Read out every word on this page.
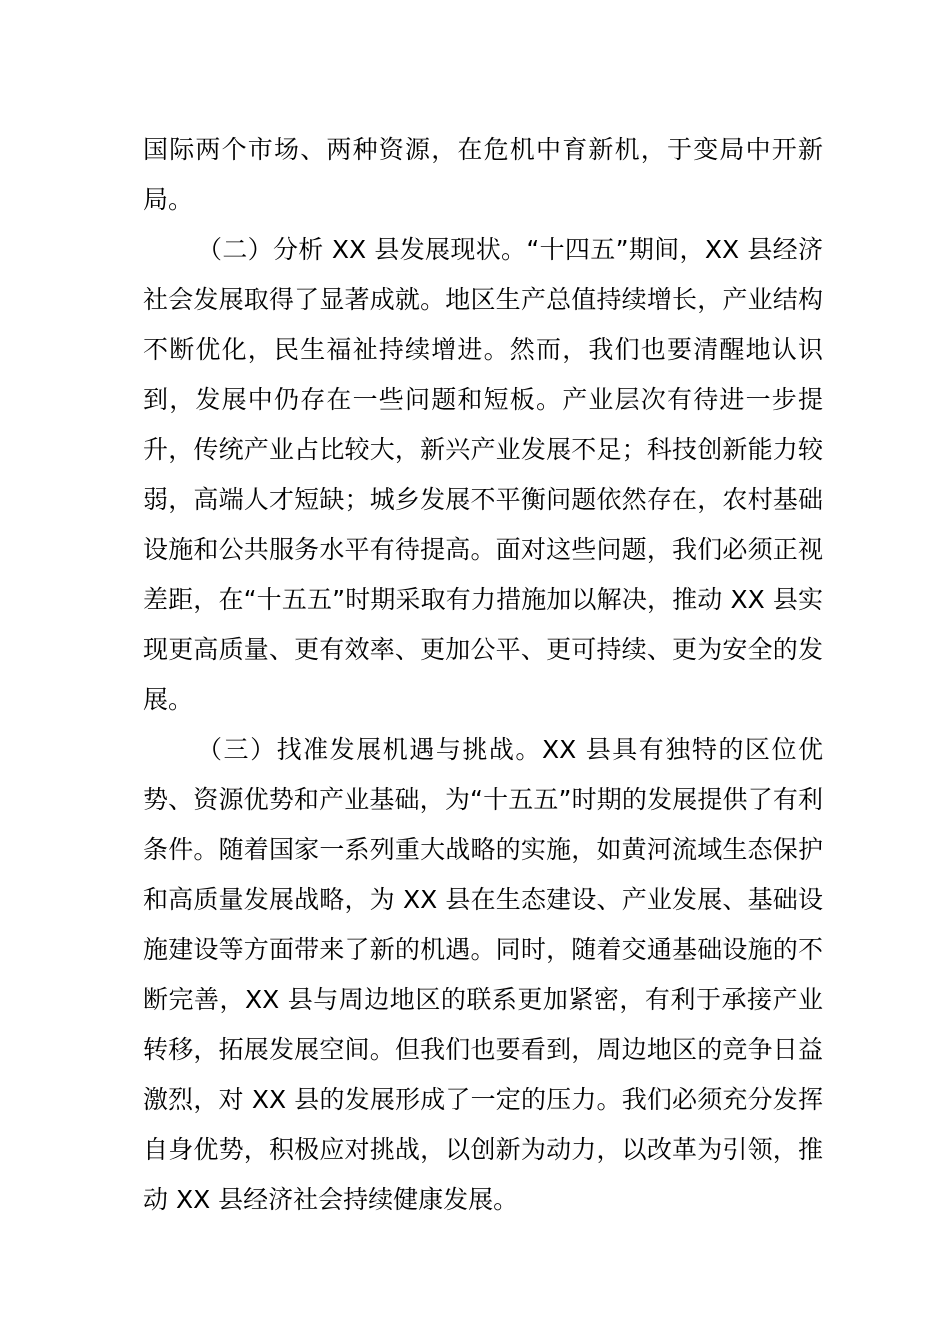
国际两个市场、两种资源，在危机中育新机，于变局中开新局。

（二）分析 XX 县发展现状。“十四五”期间，XX 县经济社会发展取得了显著成就。地区生产总值持续增长，产业结构不断优化，民生福祉持续增进。然而，我们也要清醒地认识到，发展中仍存在一些问题和短板。产业层次有待进一步提升，传统产业占比较大，新兴产业发展不足；科技创新能力较弱，高端人才短缺；城乡发展不平衡问题依然存在，农村基础设施和公共服务水平有待提高。面对这些问题，我们必须正视差距，在“十五五”时期采取有力措施加以解决，推动 XX 县实现更高质量、更有效率、更加公平、更可持续、更为安全的发展。

（三）找准发展机遇与挑战。XX 县具有独特的区位优势、资源优势和产业基础，为“十五五”时期的发展提供了有利条件。随着国家一系列重大战略的实施，如黄河流域生态保护和高质量发展战略，为 XX 县在生态建设、产业发展、基础设施建设等方面带来了新的机遇。同时，随着交通基础设施的不断完善，XX 县与周边地区的联系更加紧密，有利于承接产业转移，拓展发展空间。但我们也要看到，周边地区的竞争日益激烈，对 XX 县的发展形成了一定的压力。我们必须充分发挥自身优势，积极应对挑战，以创新为动力，以改革为引领，推动 XX 县经济社会持续健康发展。
